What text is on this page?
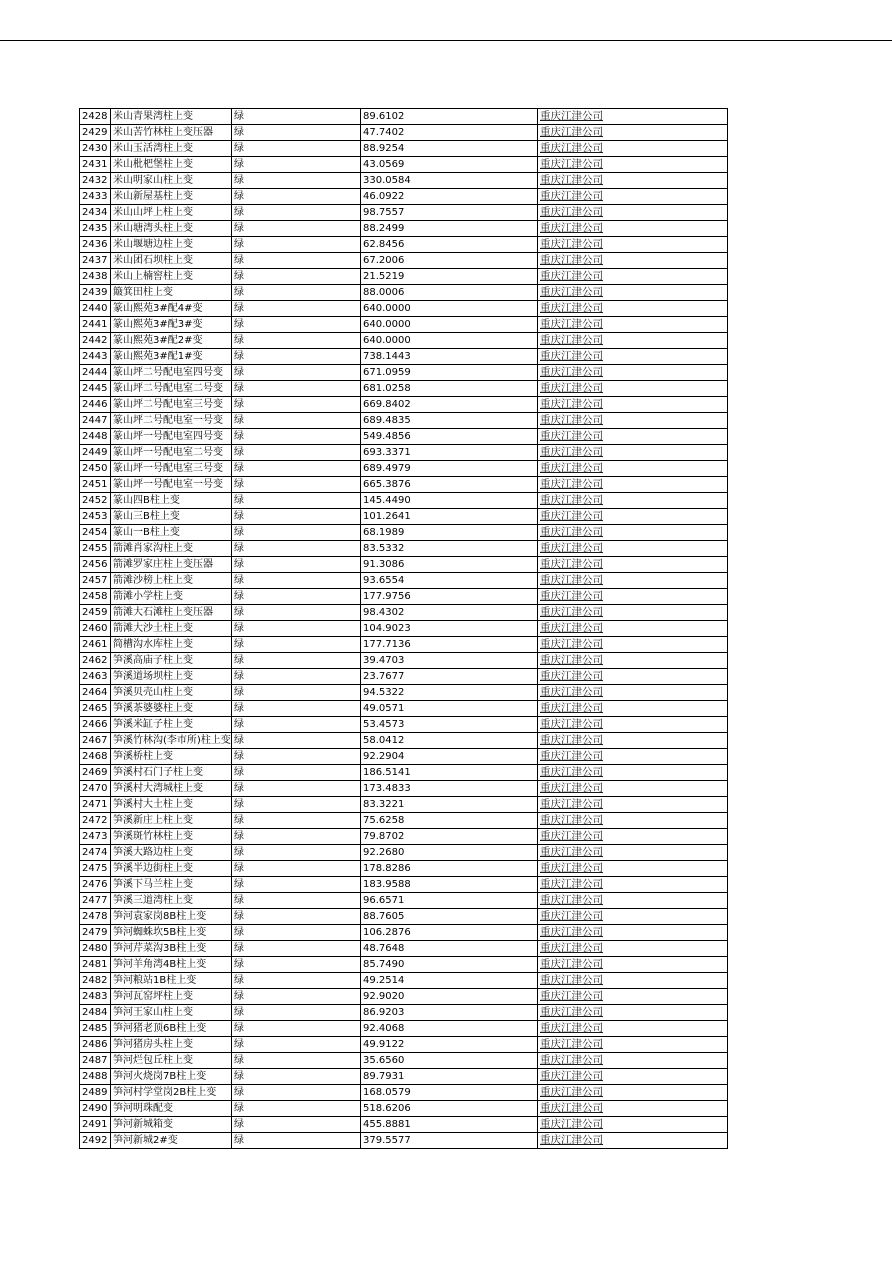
2428	米山青果湾柱上变	绿	89.6102	重庆江津公司
2429	米山苦竹林柱上变压器	绿	47.7402	重庆江津公司
2430	米山玉活湾柱上变	绿	88.9254	重庆江津公司
2431	米山枇杷堡柱上变	绿	43.0569	重庆江津公司
2432	米山明家山柱上变	绿	330.0584	重庆江津公司
2433	米山新屋基柱上变	绿	46.0922	重庆江津公司
2434	米山山坪上柱上变	绿	98.7557	重庆江津公司
2435	米山塘湾头柱上变	绿	88.2499	重庆江津公司
2436	米山堰塘边柱上变	绿	62.8456	重庆江津公司
2437	米山团石坝柱上变	绿	67.2006	重庆江津公司
2438	米山上楠窖柱上变	绿	21.5219	重庆江津公司
2439	簸箕田柱上变	绿	88.0006	重庆江津公司
2440	篆山熙苑3#配4#变	绿	640.0000	重庆江津公司
2441	篆山熙苑3#配3#变	绿	640.0000	重庆江津公司
2442	篆山熙苑3#配2#变	绿	640.0000	重庆江津公司
2443	篆山熙苑3#配1#变	绿	738.1443	重庆江津公司
2444	篆山坪二号配电室四号变	绿	671.0959	重庆江津公司
2445	篆山坪二号配电室二号变	绿	681.0258	重庆江津公司
2446	篆山坪二号配电室三号变	绿	669.8402	重庆江津公司
2447	篆山坪二号配电室一号变	绿	689.4835	重庆江津公司
2448	篆山坪一号配电室四号变	绿	549.4856	重庆江津公司
2449	篆山坪一号配电室二号变	绿	693.3371	重庆江津公司
2450	篆山坪一号配电室三号变	绿	689.4979	重庆江津公司
2451	篆山坪一号配电室一号变	绿	665.3876	重庆江津公司
2452	篆山四B柱上变	绿	145.4490	重庆江津公司
2453	篆山三B柱上变	绿	101.2641	重庆江津公司
2454	篆山一B柱上变	绿	68.1989	重庆江津公司
2455	箭滩肖家沟柱上变	绿	83.5332	重庆江津公司
2456	箭滩罗家庄柱上变压器	绿	91.3086	重庆江津公司
2457	箭滩沙榜上柱上变	绿	93.6554	重庆江津公司
2458	箭滩小学柱上变	绿	177.9756	重庆江津公司
2459	箭滩大石滩柱上变压器	绿	98.4302	重庆江津公司
2460	箭滩大沙土柱上变	绿	104.9023	重庆江津公司
2461	简槽沟水库柱上变	绿	177.7136	重庆江津公司
2462	笋溪高庙子柱上变	绿	39.4703	重庆江津公司
2463	笋溪道场坝柱上变	绿	23.7677	重庆江津公司
2464	笋溪贝壳山柱上变	绿	94.5322	重庆江津公司
2465	笋溪茶婆婆柱上变	绿	49.0571	重庆江津公司
2466	笋溪米缸子柱上变	绿	53.4573	重庆江津公司
2467	笋溪竹林沟(李市所)柱上变	绿	58.0412	重庆江津公司
2468	笋溪桥柱上变	绿	92.2904	重庆江津公司
2469	笋溪村石门子柱上变	绿	186.5141	重庆江津公司
2470	笋溪村大湾城柱上变	绿	173.4833	重庆江津公司
2471	笋溪村大土柱上变	绿	83.3221	重庆江津公司
2472	笋溪新庄上柱上变	绿	75.6258	重庆江津公司
2473	笋溪斑竹林柱上变	绿	79.8702	重庆江津公司
2474	笋溪大路边柱上变	绿	92.2680	重庆江津公司
2475	笋溪半边街柱上变	绿	178.8286	重庆江津公司
2476	笋溪下马兰柱上变	绿	183.9588	重庆江津公司
2477	笋溪三道湾柱上变	绿	96.6571	重庆江津公司
2478	笋河袁家岗8B柱上变	绿	88.7605	重庆江津公司
2479	笋河蜘蛛坎5B柱上变	绿	106.2876	重庆江津公司
2480	笋河芹菜沟3B柱上变	绿	48.7648	重庆江津公司
2481	笋河羊角湾4B柱上变	绿	85.7490	重庆江津公司
2482	笋河粮站1B柱上变	绿	49.2514	重庆江津公司
2483	笋河瓦窑坪柱上变	绿	92.9020	重庆江津公司
2484	笋河王家山柱上变	绿	86.9203	重庆江津公司
2485	笋河猪老顶6B柱上变	绿	92.4068	重庆江津公司
2486	笋河猪房头柱上变	绿	49.9122	重庆江津公司
2487	笋河烂包丘柱上变	绿	35.6560	重庆江津公司
2488	笋河火烧岗7B柱上变	绿	89.7931	重庆江津公司
2489	笋河村学堂岗2B柱上变	绿	168.0579	重庆江津公司
2490	笋河明珠配变	绿	518.6206	重庆江津公司
2491	笋河新城箱变	绿	455.8881	重庆江津公司
2492	笋河新城2#变	绿	379.5577	重庆江津公司
